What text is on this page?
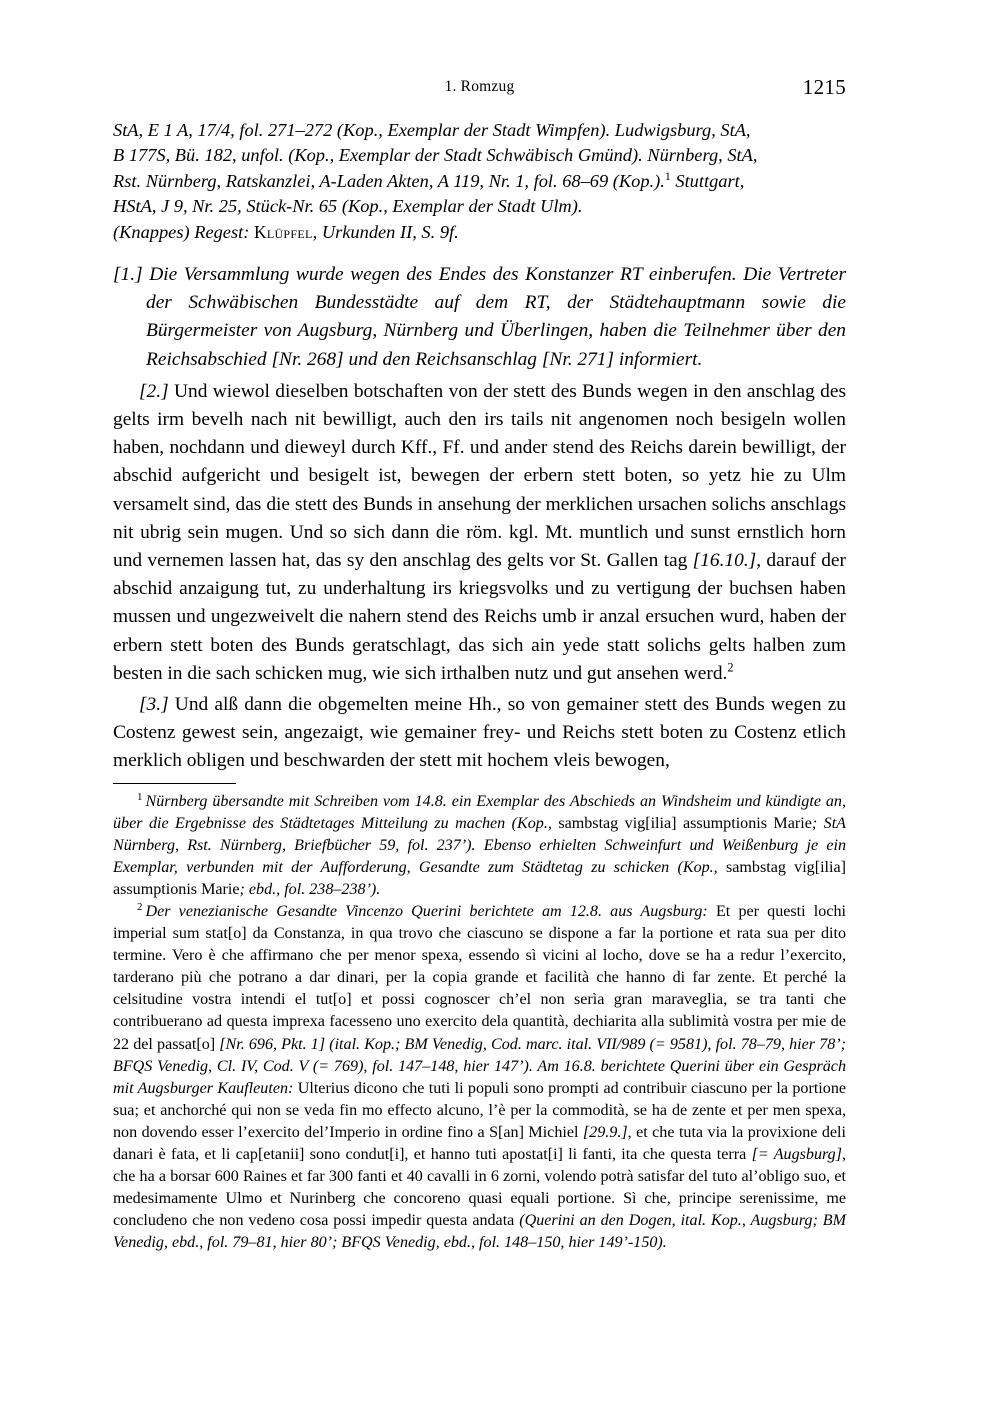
1. Romzug	1215

StA, E 1 A, 17/4, fol. 271–272 (Kop., Exemplar der Stadt Wimpfen). Ludwigsburg, StA,
B 177S, Bü. 182, unfol. (Kop., Exemplar der Stadt Schwäbisch Gmünd). Nürnberg, StA,
Rst. Nürnberg, Ratskanzlei, A-Laden Akten, A 119, Nr. 1, fol. 68–69 (Kop.).$^1$ Stuttgart,
HStA, J 9, Nr. 25, Stück-Nr. 65 (Kop., Exemplar der Stadt Ulm).

(Knappes) Regest: Klüpfel, Urkunden II, S. 9f.

[1.] Die Versammlung wurde wegen des Endes des Konstanzer RT einberufen. Die Vertreter der Schwäbischen Bundesstädte auf dem RT, der Städtehauptmann sowie die Bürgermeister von Augsburg, Nürnberg und Überlingen, haben die Teilnehmer über den Reichsabschied [Nr. 268] und den Reichsanschlag [Nr. 271] informiert.

[2.] Und wiewol dieselben botschaften von der stett des Bunds wegen in den anschlag des gelts irm bevelh nach nit bewilligt, auch den irs tails nit angenomen noch besigeln wollen haben, nochdann und dieweyl durch Kff., Ff. und ander stend des Reichs darein bewilligt, der abschid aufgericht und besigelt ist, bewegen der erbern stett boten, so yetz hie zu Ulm versamelt sind, das die stett des Bunds in ansehung der merklichen ursachen solichs anschlags nit ubrig sein mugen. Und so sich dann die röm. kgl. Mt. muntlich und sunst ernstlich horn und vernemen lassen hat, das sy den anschlag des gelts vor St. Gallen tag [16.10.], darauf der abschid anzaigung tut, zu underhaltung irs kriegsvolks und zu vertigung der buchsen haben mussen und ungezweivelt die nahern stend des Reichs umb ir anzal ersuchen wurd, haben der erbern stett boten des Bunds geratschlagt, das sich ain yede statt solichs gelts halben zum besten in die sach schicken mug, wie sich irthalben nutz und gut ansehen werd.$^2$

[3.] Und alß dann die obgemelten meine Hh., so von gemainer stett des Bunds wegen zu Costenz gewest sein, angezaigt, wie gemainer frey- und Reichs stett boten zu Costenz etlich merklich obligen und beschwarden der stett mit hochem vleis bewogen,

$^1$ Nürnberg übersandte mit Schreiben vom 14.8. ein Exemplar des Abschieds an Windsheim und kündigte an, über die Ergebnisse des Städtetages Mitteilung zu machen (Kop., sambstag vig[ilia] assumptionis Marie; StA Nürnberg, Rst. Nürnberg, Briefbücher 59, fol. 237’). Ebenso erhielten Schweinfurt und Weißenburg je ein Exemplar, verbunden mit der Aufforderung, Gesandte zum Städtetag zu schicken (Kop., sambstag vig[ilia] assumptionis Marie; ebd., fol. 238–238’).

$^2$ Der venezianische Gesandte Vincenzo Querini berichtete am 12.8. aus Augsburg: Et per questi lochi imperial sum stat[o] da Constanza, in qua trovo che ciascuno se dispone a far la portione et rata sua per dito termine. Vero è che affirmano che per menor spexa, essendo sì vicini al locho, dove se ha a redur l’exercito, tarderano più che potrano a dar dinari, per la copia grande et facilità che hanno di far zente. Et perché la celsitudine vostra intendi el tut[o] et possi cognoscer ch’el non serìa gran maraveglia, se tra tanti che contribuerano ad questa imprexa facesseno uno exercito dela quantità, dechiarita alla sublimità vostra per mie de 22 del passat[o] [Nr. 696, Pkt. 1] (ital. Kop.; BM Venedig, Cod. marc. ital. VII/989 (= 9581), fol. 78–79, hier 78’; BFQS Venedig, Cl. IV, Cod. V (= 769), fol. 147–148, hier 147’). Am 16.8. berichtete Querini über ein Gespräch mit Augsburger Kaufleuten: Ulterius dicono che tuti li populi sono prompti ad contribuir ciascuno per la portione sua; et anchorché qui non se veda fin mo effecto alcuno, l’è per la commodità, se ha de zente et per men spexa, non dovendo esser l’exercito del’Imperio in ordine fino a S[an] Michiel [29.9.], et che tuta via la provixione deli danari è fata, et li cap[etanii] sono condut[i], et hanno tuti apostat[i] li fanti, ita che questa terra [= Augsburg], che ha a borsar 600 Raines et far 300 fanti et 40 cavalli in 6 zorni, volendo potrà satisfar del tuto al’obligo suo, et medesimamente Ulmo et Nurinberg che concoreno quasi equali portione. Sì che, principe serenissime, me concludeno che non vedeno cosa possi impedir questa andata (Querini an den Dogen, ital. Kop., Augsburg; BM Venedig, ebd., fol. 79–81, hier 80’; BFQS Venedig, ebd., fol. 148–150, hier 149’-150).
